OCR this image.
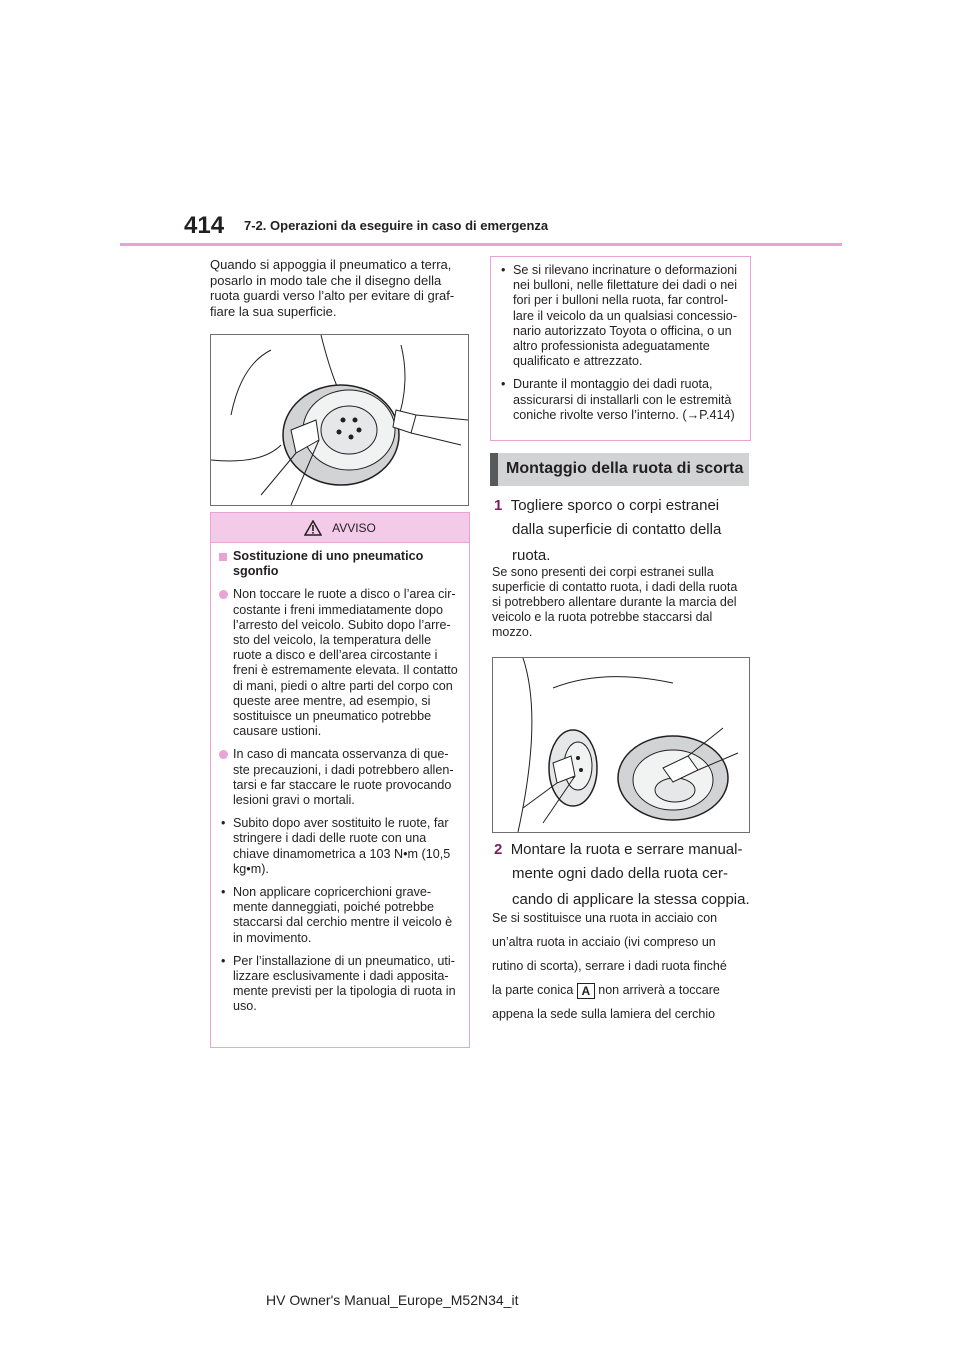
414 7-2. Operazioni da eseguire in caso di emergenza
Quando si appoggia il pneumatico a terra,
posarlo in modo tale che il disegno della
ruota guardi verso l’alto per evitare di graf-
fiare la sua superficie.
AVVISO
Sostituzione di uno pneumatico
sgonfio
Non toccare le ruote a disco o l’area cir-
costante i freni immediatamente dopo
l’arresto del veicolo. Subito dopo l’arre-
sto del veicolo, la temperatura delle
ruote a disco e dell’area circostante i
freni è estremamente elevata. Il contatto
di mani, piedi o altre parti del corpo con
queste aree mentre, ad esempio, si
sostituisce un pneumatico potrebbe
causare ustioni.
In caso di mancata osservanza di que-
ste precauzioni, i dadi potrebbero allen-
tarsi e far staccare le ruote provocando
lesioni gravi o mortali.
• Subito dopo aver sostituito le ruote, far
stringere i dadi delle ruote con una
chiave dinamometrica a 103 N•m (10,5
kg•m).
• Non applicare copricerchioni grave-
mente danneggiati, poiché potrebbe
staccarsi dal cerchio mentre il veicolo è
in movimento.
• Per l’installazione di un pneumatico, uti-
lizzare esclusivamente i dadi apposita-
mente previsti per la tipologia di ruota in
uso.
• Se si rilevano incrinature o deformazioni
nei bulloni, nelle filettature dei dadi o nei
fori per i bulloni nella ruota, far control-
lare il veicolo da un qualsiasi concessio-
nario autorizzato Toyota o officina, o un
altro professionista adeguatamente
qualificato e attrezzato.
• Durante il montaggio dei dadi ruota,
assicurarsi di installarli con le estremità
coniche rivolte verso l’interno. (→P.414)
Montaggio della ruota di scorta
1 Togliere sporco o corpi estranei
dalla superficie di contatto della
ruota.
Se sono presenti dei corpi estranei sulla
superficie di contatto ruota, i dadi della ruota
si potrebbero allentare durante la marcia del
veicolo e la ruota potrebbe staccarsi dal
mozzo.
2 Montare la ruota e serrare manual-
mente ogni dado della ruota cer-
cando di applicare la stessa coppia.
Se si sostituisce una ruota in acciaio con
un’altra ruota in acciaio (ivi compreso un
rutino di scorta), serrare i dadi ruota finché
la parte conica A non arriverà a toccare
appena la sede sulla lamiera del cerchio
HV Owner's Manual_Europe_M52N34_it
